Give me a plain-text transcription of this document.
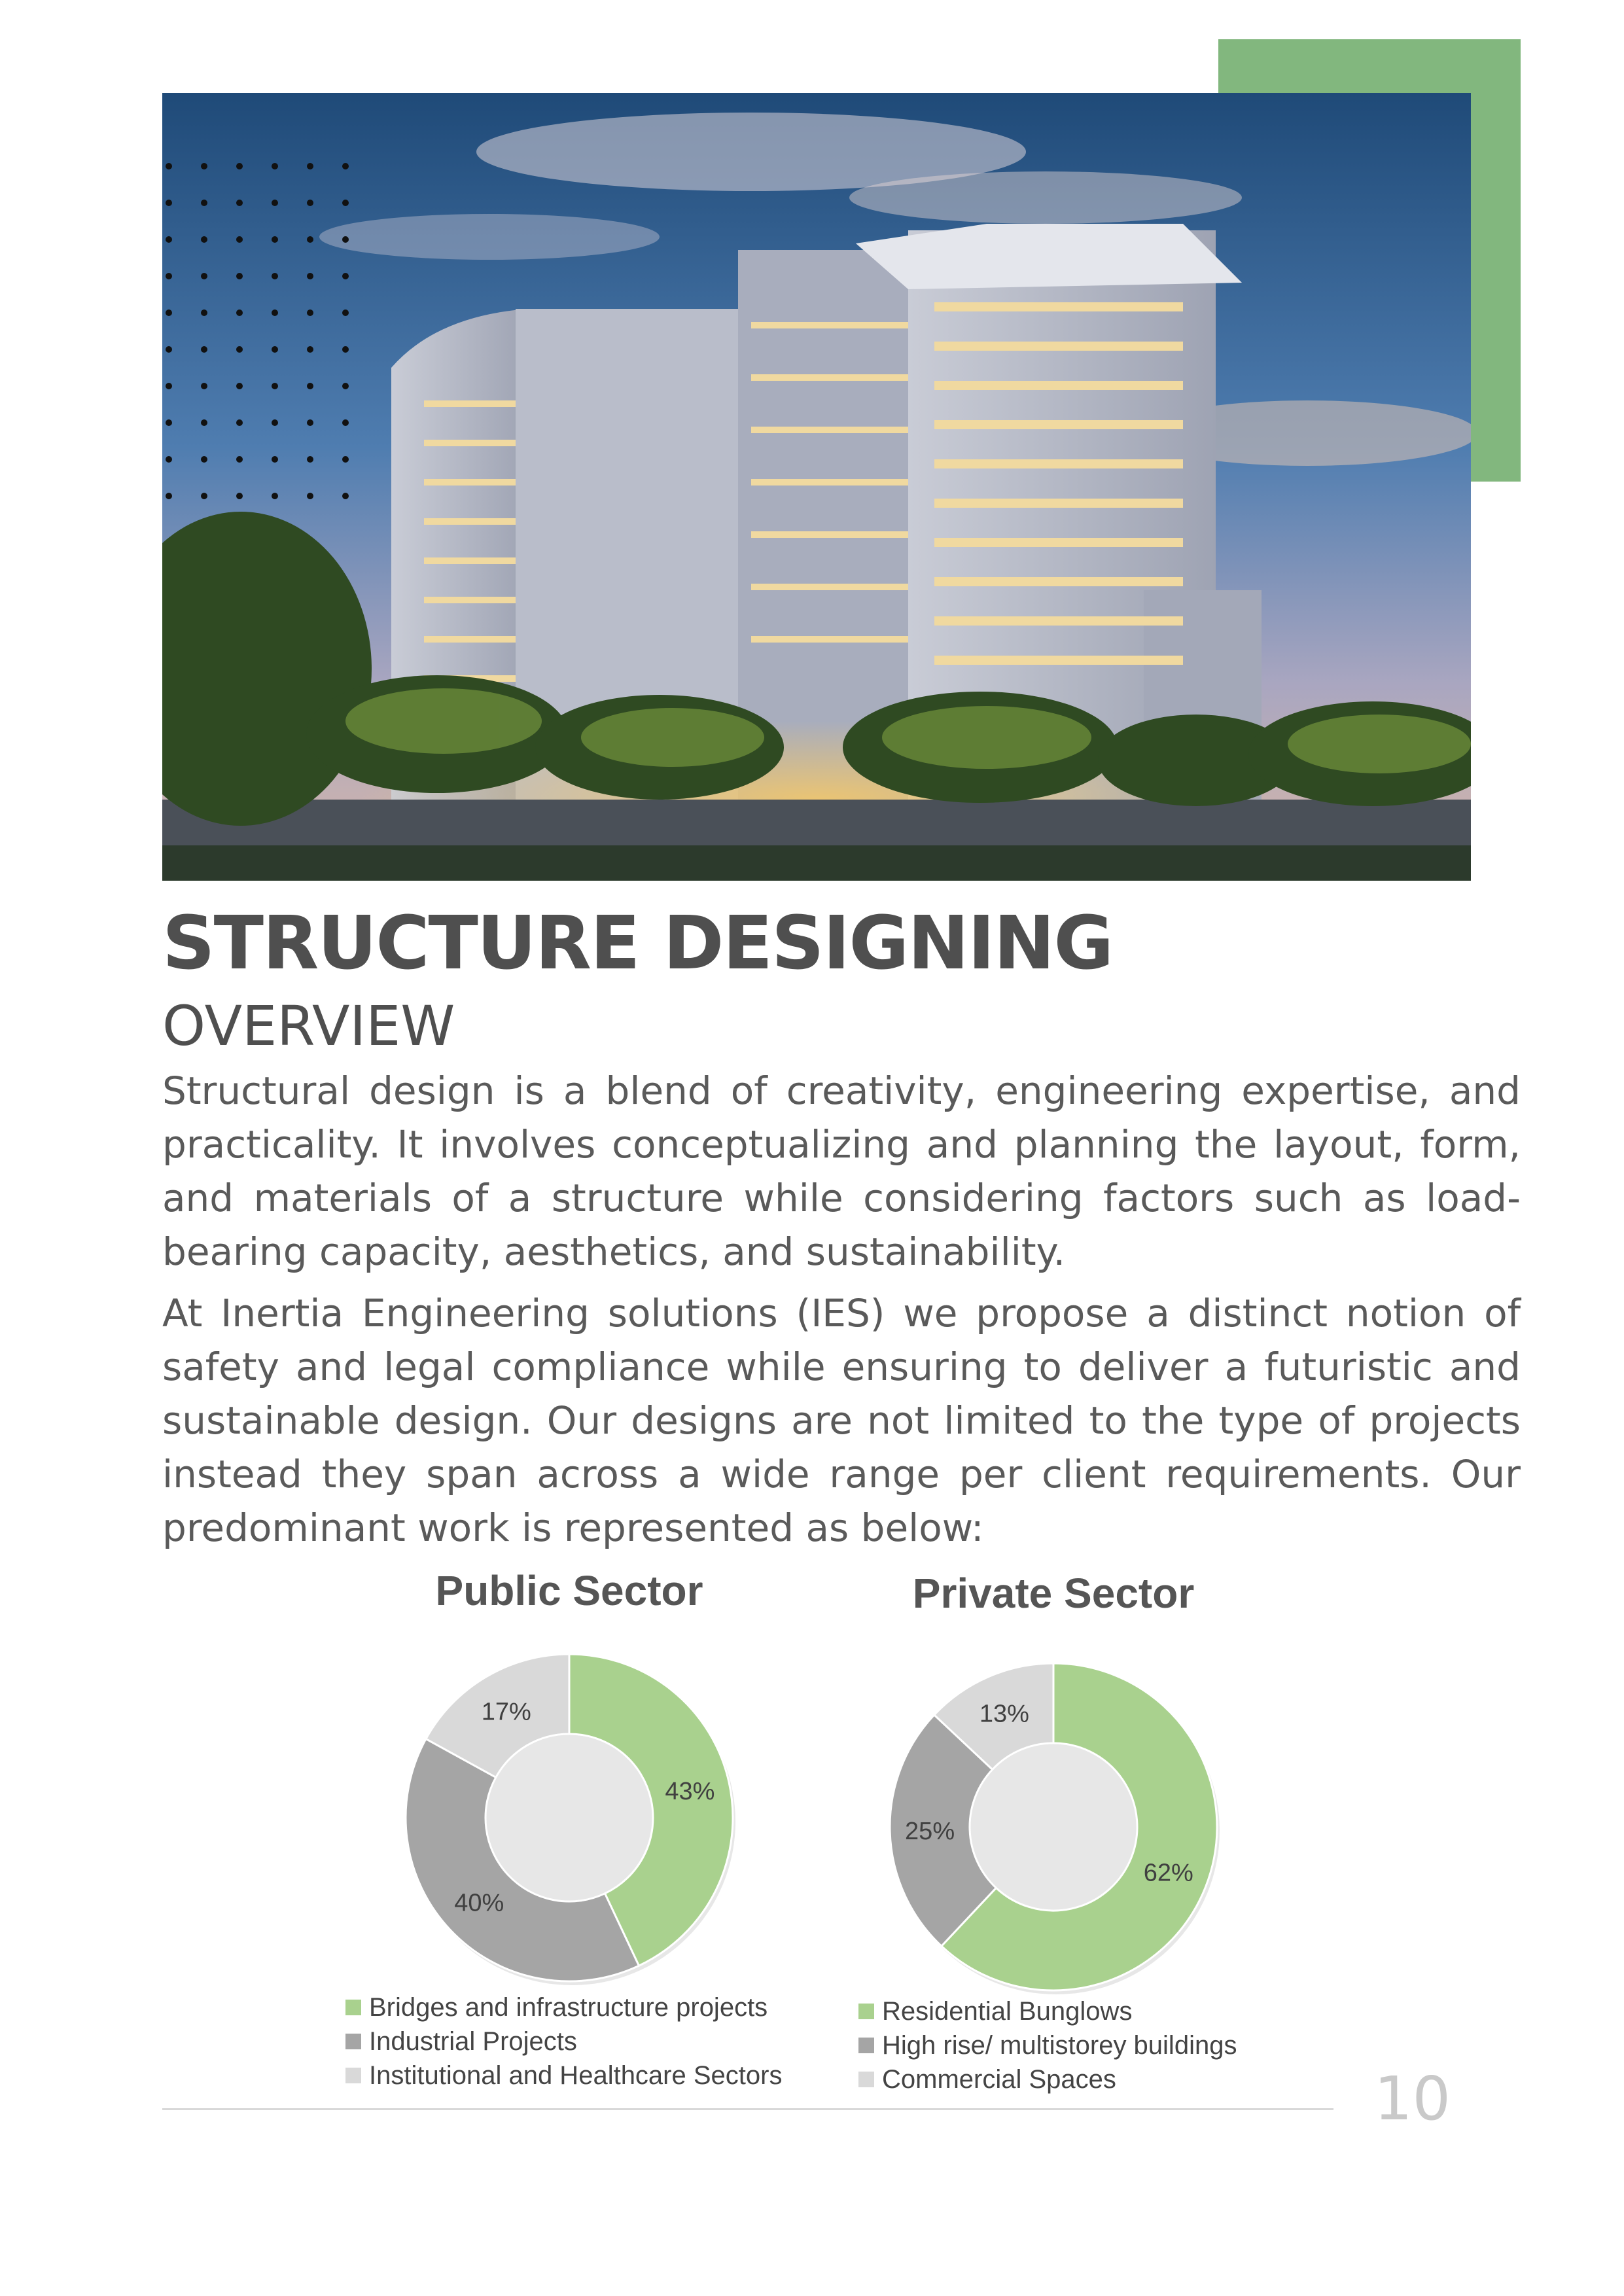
STRUCTURE DESIGNING
OVERVIEW

Structural design is a blend of creativity, engineering expertise, and practicality. It involves conceptualizing and planning the layout, form, and materials of a structure while considering factors such as load-bearing capacity, aesthetics, and sustainability.

At Inertia Engineering solutions (IES) we propose a distinct notion of safety and legal compliance while ensuring to deliver a futuristic and sustainable design. Our designs are not limited to the type of projects instead they span across a wide range per client requirements. Our predominant work is represented as below:

Public Sector
43%
40%
17%
Bridges and infrastructure projects
Industrial Projects
Institutional and Healthcare Sectors
Private Sector
62%
25%
13%
Residential Bunglows
High rise/ multistorey buildings
Commercial Spaces	10
